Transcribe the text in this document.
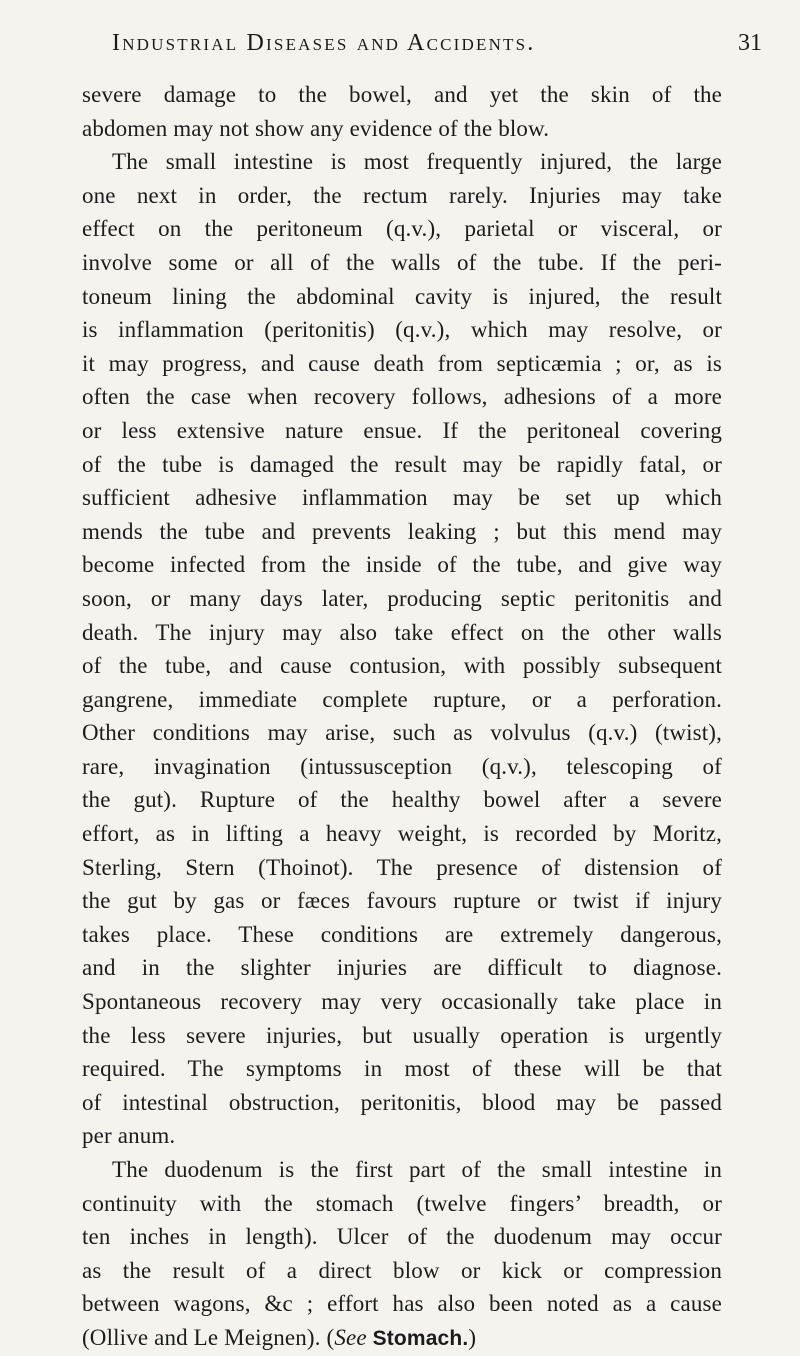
Industrial Diseases and Accidents.	31
severe damage to the bowel, and yet the skin of the
abdomen may not show any evidence of the blow.
The small intestine is most frequently injured, the large
one next in order, the rectum rarely. Injuries may take
effect on the peritoneum (q.v.), parietal or visceral, or
involve some or all of the walls of the tube. If the peri-
toneum lining the abdominal cavity is injured, the result
is inflammation (peritonitis) (q.v.), which may resolve, or
it may progress, and cause death from septicæmia ; or, as is
often the case when recovery follows, adhesions of a more
or less extensive nature ensue. If the peritoneal covering
of the tube is damaged the result may be rapidly fatal, or
sufficient adhesive inflammation may be set up which
mends the tube and prevents leaking ; but this mend may
become infected from the inside of the tube, and give way
soon, or many days later, producing septic peritonitis and
death. The injury may also take effect on the other walls
of the tube, and cause contusion, with possibly subsequent
gangrene, immediate complete rupture, or a perforation.
Other conditions may arise, such as volvulus (q.v.) (twist),
rare, invagination (intussusception (q.v.), telescoping of
the gut). Rupture of the healthy bowel after a severe
effort, as in lifting a heavy weight, is recorded by Moritz,
Sterling, Stern (Thoinot). The presence of distension of
the gut by gas or fæces favours rupture or twist if injury
takes place. These conditions are extremely dangerous,
and in the slighter injuries are difficult to diagnose.
Spontaneous recovery may very occasionally take place in
the less severe injuries, but usually operation is urgently
required. The symptoms in most of these will be that
of intestinal obstruction, peritonitis, blood may be passed
per anum.
The duodenum is the first part of the small intestine in
continuity with the stomach (twelve fingers’ breadth, or
ten inches in length). Ulcer of the duodenum may occur
as the result of a direct blow or kick or compression
between wagons, &c ; effort has also been noted as a cause
(Ollive and Le Meignen). (See Stomach.)
